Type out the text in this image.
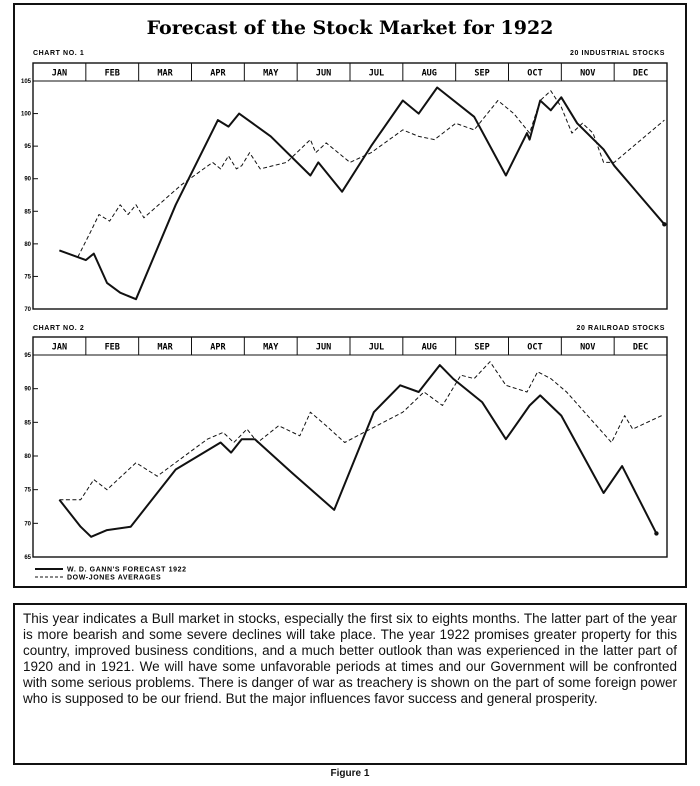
Forecast of the Stock Market for 1922
CHART NO. 1	20 INDUSTRIAL STOCKS
CHART NO. 2	20 RAILROAD STOCKS
JAN	FEB	MAR	APR	MAY	JUN	JUL	AUG	SEP	OCT	NOV	DEC
105
100
95
90
85
80
75
70
JAN	FEB	MAR	APR	MAY	JUN	JUL	AUG	SEP	OCT	NOV	DEC
95
90
85
80
75
70
65
W. D. GANN'S FORECAST 1922
DOW-JONES AVERAGES
This year indicates a Bull market in stocks, especially the first six to eights months. The latter part of the year is more bearish and some severe declines will take place. The year 1922 promises greater property for this country, improved business conditions, and a much better outlook than was experienced in the latter part of 1920 and in 1921. We will have some unfavorable periods at times and our Government will be confronted with some serious problems. There is danger of war as treachery is shown on the part of some foreign power who is supposed to be our friend. But the major influences favor success and general prosperity.
Figure 1
